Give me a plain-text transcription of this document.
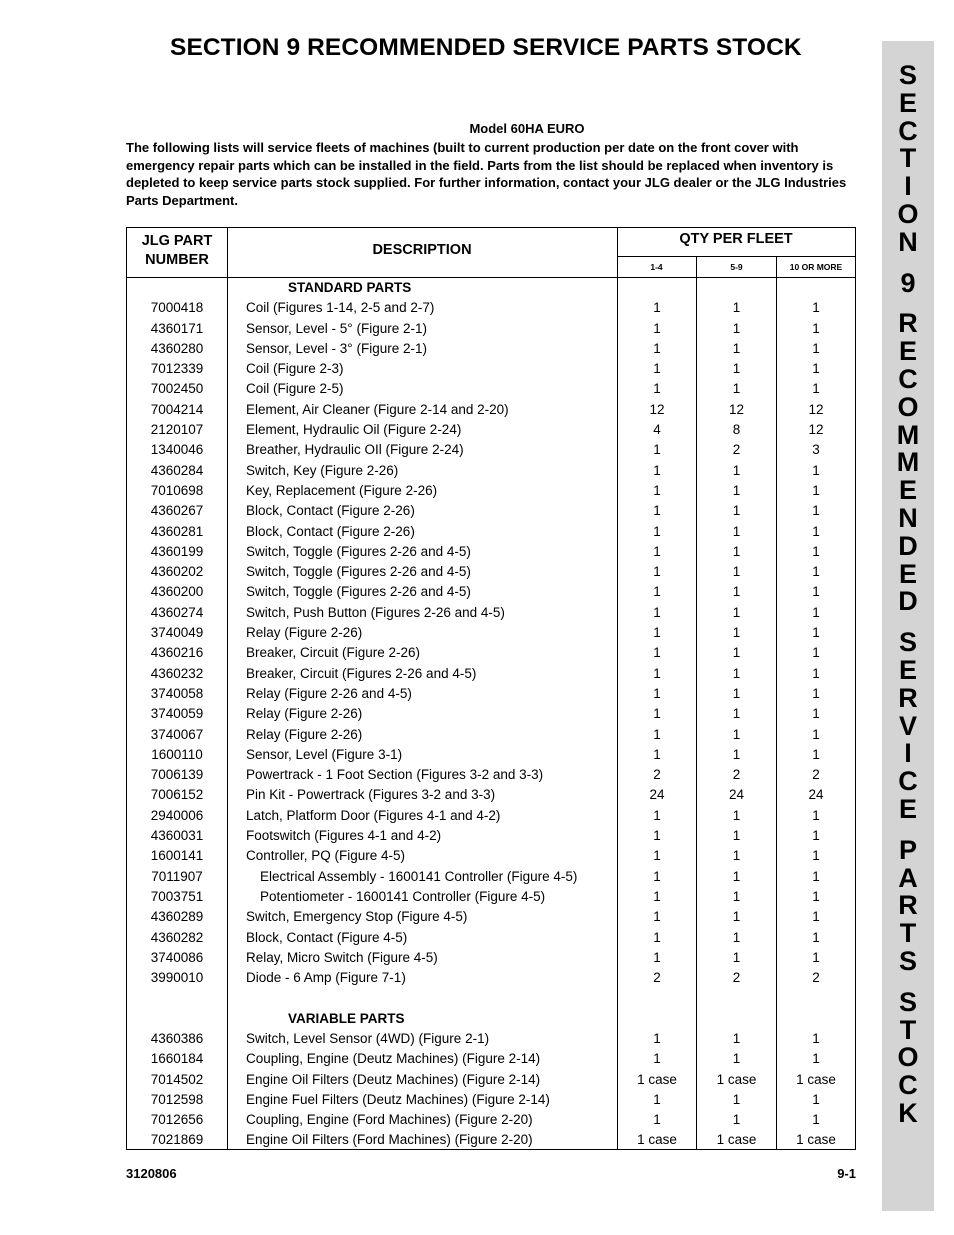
SECTION 9 RECOMMENDED SERVICE PARTS STOCK
S
E
C
T
I
O
N
9
R
E
C
O
M
M
E
N
D
E
D
S
E
R
V
I
C
E
P
A
R
T
S
S
T
O
C
K
Model 60HA EURO
The following lists will service fleets of machines (built to current production per date on the front cover with emergency repair parts which can be installed in the field. Parts from the list should be replaced when inventory is depleted to keep service parts stock supplied. For further information, contact your JLG dealer or the JLG Industries Parts Department.
JLG PART NUMBER
DESCRIPTION
QTY PER FLEET
1-4	5-9	10 OR MORE
STANDARD PARTS
7000418	Coil (Figures 1-14, 2-5 and 2-7)	1	1	1
4360171	Sensor, Level - 5° (Figure 2-1)	1	1	1
4360280	Sensor, Level - 3° (Figure 2-1)	1	1	1
7012339	Coil (Figure 2-3)	1	1	1
7002450	Coil (Figure 2-5)	1	1	1
7004214	Element, Air Cleaner (Figure 2-14 and 2-20)	12	12	12
2120107	Element, Hydraulic Oil (Figure 2-24)	4	8	12
1340046	Breather, Hydraulic OIl (Figure 2-24)	1	2	3
4360284	Switch, Key (Figure 2-26)	1	1	1
7010698	Key, Replacement (Figure 2-26)	1	1	1
4360267	Block, Contact (Figure 2-26)	1	1	1
4360281	Block, Contact (Figure 2-26)	1	1	1
4360199	Switch, Toggle (Figures 2-26 and 4-5)	1	1	1
4360202	Switch, Toggle (Figures 2-26 and 4-5)	1	1	1
4360200	Switch, Toggle (Figures 2-26 and 4-5)	1	1	1
4360274	Switch, Push Button (Figures 2-26 and 4-5)	1	1	1
3740049	Relay (Figure 2-26)	1	1	1
4360216	Breaker, Circuit (Figure 2-26)	1	1	1
4360232	Breaker, Circuit (Figures 2-26 and 4-5)	1	1	1
3740058	Relay (Figure 2-26 and 4-5)	1	1	1
3740059	Relay (Figure 2-26)	1	1	1
3740067	Relay (Figure 2-26)	1	1	1
1600110	Sensor, Level (Figure 3-1)	1	1	1
7006139	Powertrack - 1 Foot Section (Figures 3-2 and 3-3)	2	2	2
7006152	Pin Kit - Powertrack (Figures 3-2 and 3-3)	24	24	24
2940006	Latch, Platform Door (Figures 4-1 and 4-2)	1	1	1
4360031	Footswitch (Figures 4-1 and 4-2)	1	1	1
1600141	Controller, PQ (Figure 4-5)	1	1	1
7011907	Electrical Assembly - 1600141 Controller (Figure 4-5)	1	1	1
7003751	Potentiometer - 1600141 Controller (Figure 4-5)	1	1	1
4360289	Switch, Emergency Stop (Figure 4-5)	1	1	1
4360282	Block, Contact (Figure 4-5)	1	1	1
3740086	Relay, Micro Switch (Figure 4-5)	1	1	1
3990010	Diode - 6 Amp (Figure 7-1)	2	2	2
VARIABLE PARTS
4360386	Switch, Level Sensor (4WD) (Figure 2-1)	1	1	1
1660184	Coupling, Engine (Deutz Machines) (Figure 2-14)	1	1	1
7014502	Engine Oil Filters (Deutz Machines) (Figure 2-14)	1 case	1 case	1 case
7012598	Engine Fuel Filters (Deutz Machines) (Figure 2-14)	1	1	1
7012656	Coupling, Engine (Ford Machines) (Figure 2-20)	1	1	1
7021869	Engine Oil Filters (Ford Machines) (Figure 2-20)	1 case	1 case	1 case
3120806	9-1
